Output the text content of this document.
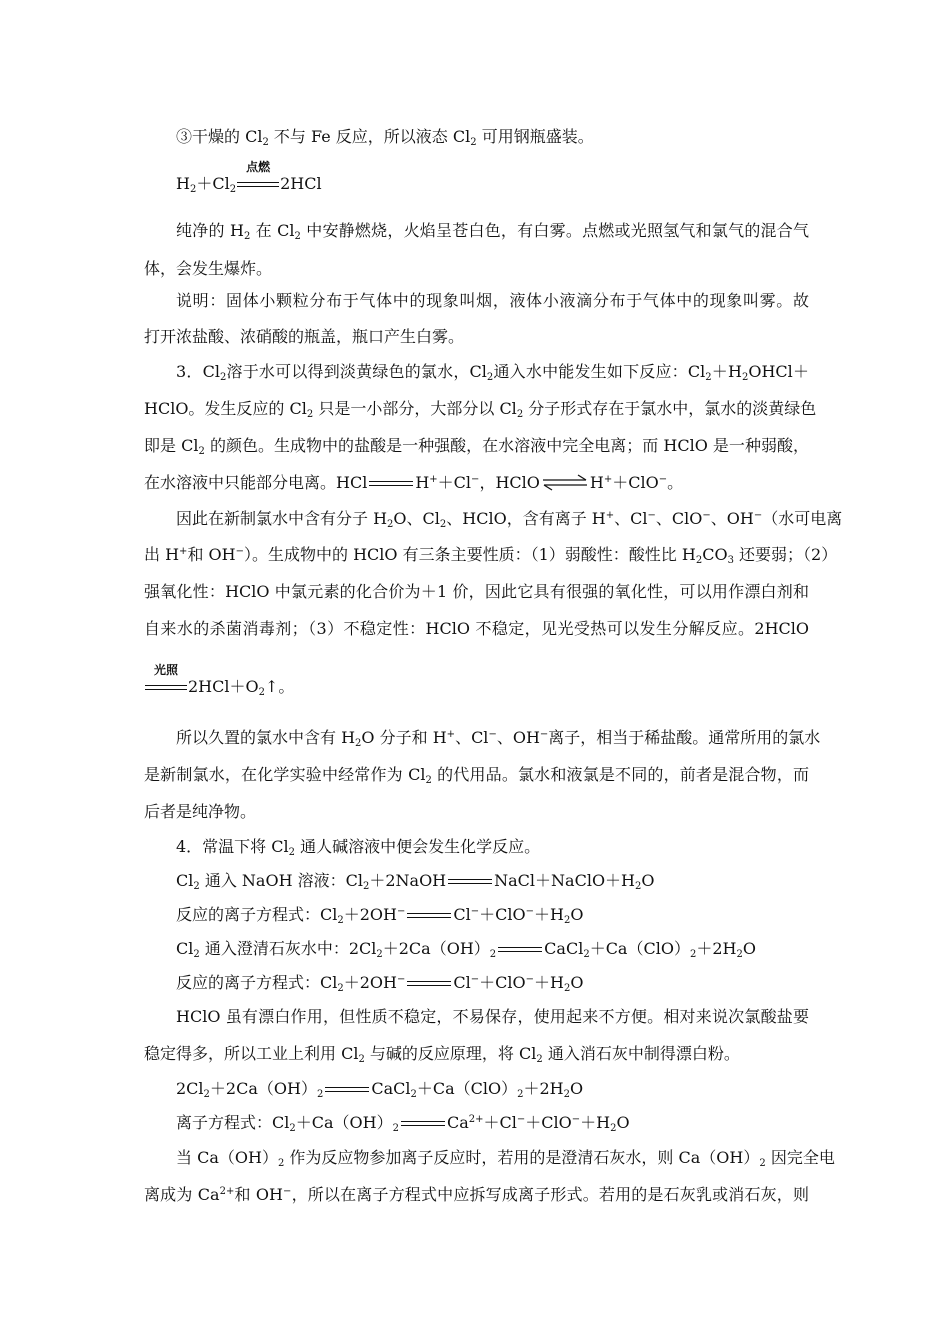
③干燥的 $Cl_2$ 不与 Fe 反应，所以液态 $Cl_2$ 可用钢瓶盛装。
$H_2+Cl_2$
点燃
2HCl
纯净的 $H_2$ 在 $Cl_2$ 中安静燃烧，火焰呈苍白色，有白雾。点燃或光照氢气和氯气的混合气
体，会发生爆炸。
说明：固体小颗粒分布于气体中的现象叫烟，液体小液滴分布于气体中的现象叫雾。故
打开浓盐酸、浓硝酸的瓶盖，瓶口产生白雾。
3．$Cl_2$溶于水可以得到淡黄绿色的氯水，$Cl_2$通入水中能发生如下反应：$Cl_2+H_2OHCl+$
HClO。发生反应的 $Cl_2$ 只是一小部分，大部分以 $Cl_2$ 分子形式存在于氯水中，氯水的淡黄绿色
即是 $Cl_2$ 的颜色。生成物中的盐酸是一种强酸，在水溶液中完全电离；而 HClO 是一种弱酸，
在水溶液中只能部分电离。HCl	H+＋Cl−，HClO⇌H+＋ClO−。
因此在新制氯水中含有分子 $H_2O$、$Cl_2$、HClO，含有离子 H+、Cl−、ClO−、OH−（水可电离
出 H+和 OH−）。生成物中的 HClO 有三条主要性质：（1）弱酸性：酸性比 $H_2CO_3$ 还要弱；（2）
强氧化性：HClO 中氯元素的化合价为＋1 价，因此它具有很强的氧化性，可以用作漂白剂和
自来水的杀菌消毒剂；（3）不稳定性：HClO 不稳定，见光受热可以发生分解反应。2HClO
光照
$2HCl+O_2↑$。
所以久置的氯水中含有 $H_2O$ 分子和 H+、Cl−、OH−离子，相当于稀盐酸。通常所用的氯水
是新制氯水，在化学实验中经常作为 $Cl_2$ 的代用品。氯水和液氯是不同的，前者是混合物，而
后者是纯净物。
4．常温下将 $Cl_2$ 通人碱溶液中便会发生化学反应。
$Cl_2$ 通入 NaOH 溶液：$Cl_2+2NaOH$	$NaCl+NaClO+H_2O$
反应的离子方程式：$Cl_2+2OH^-$	$Cl^-+ClO^-+H_2O$
$Cl_2$ 通入澄清石灰水中：$2Cl_2+2Ca(OH)_2$	$CaCl_2+Ca(ClO)_2+2H_2O$
反应的离子方程式：$Cl_2+2OH^-$	$Cl^-+ClO^-+H_2O$
HClO 虽有漂白作用，但性质不稳定，不易保存，使用起来不方便。相对来说次氯酸盐要
稳定得多，所以工业上利用 $Cl_2$ 与碱的反应原理，将 $Cl_2$ 通入消石灰中制得漂白粉。
$2Cl_2+2Ca(OH)_2$	$CaCl_2+Ca(ClO)_2+2H_2O$
离子方程式：$Cl_2+Ca(OH)_2$	$Ca^{2+}+Cl^-+ClO^-+H_2O$
当 $Ca(OH)_2$ 作为反应物参加离子反应时，若用的是澄清石灰水，则 $Ca(OH)_2$ 因完全电
离成为 $Ca^{2+}$和 OH−，所以在离子方程式中应拆写成离子形式。若用的是石灰乳或消石灰，则
